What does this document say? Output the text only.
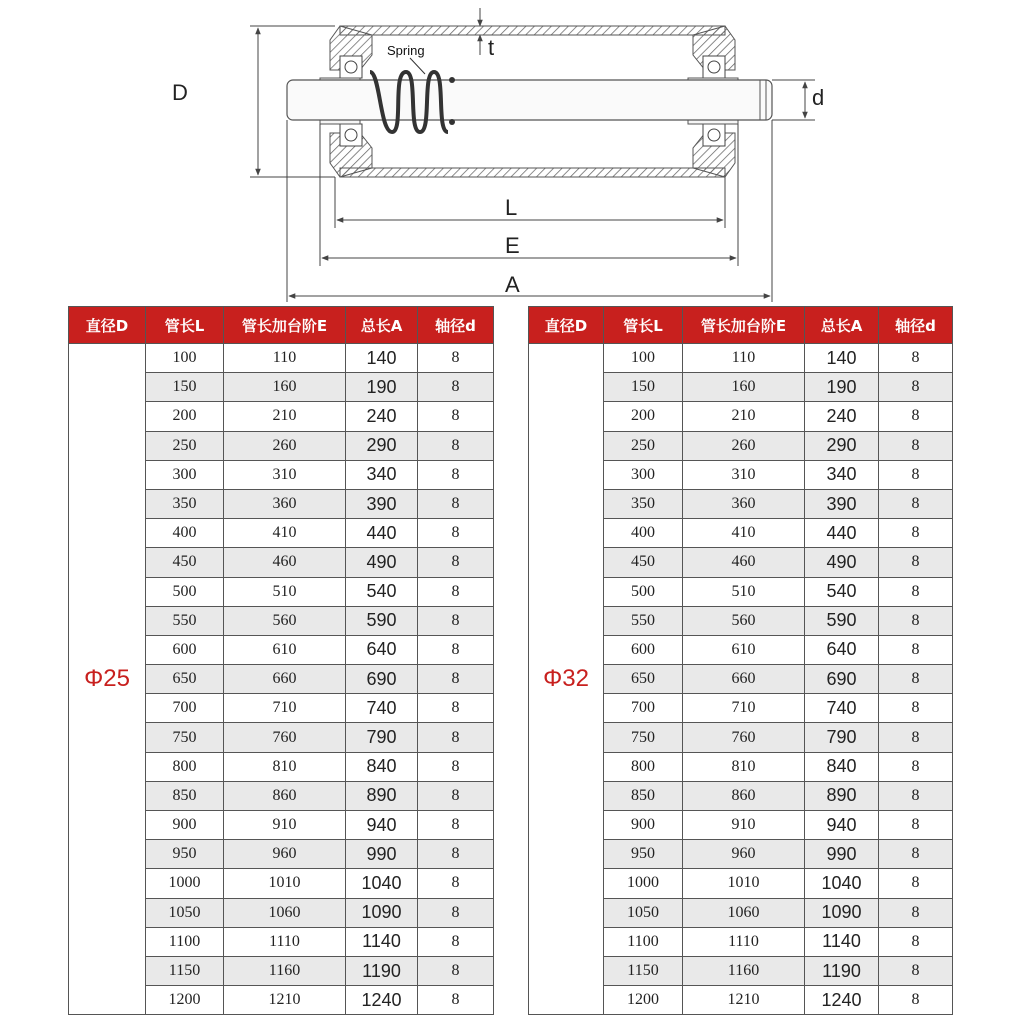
Spring
D
t
d
L
E
A
直径D	管长L	管长加台阶E	总长A	轴径d
Φ25	100	110	140	8
	150	160	190	8
	200	210	240	8
	250	260	290	8
	300	310	340	8
	350	360	390	8
	400	410	440	8
	450	460	490	8
	500	510	540	8
	550	560	590	8
	600	610	640	8
	650	660	690	8
	700	710	740	8
	750	760	790	8
	800	810	840	8
	850	860	890	8
	900	910	940	8
	950	960	990	8
	1000	1010	1040	8
	1050	1060	1090	8
	1100	1110	1140	8
	1150	1160	1190	8
	1200	1210	1240	8
直径D	管长L	管长加台阶E	总长A	轴径d
Φ32	100	110	140	8
	150	160	190	8
	200	210	240	8
	250	260	290	8
	300	310	340	8
	350	360	390	8
	400	410	440	8
	450	460	490	8
	500	510	540	8
	550	560	590	8
	600	610	640	8
	650	660	690	8
	700	710	740	8
	750	760	790	8
	800	810	840	8
	850	860	890	8
	900	910	940	8
	950	960	990	8
	1000	1010	1040	8
	1050	1060	1090	8
	1100	1110	1140	8
	1150	1160	1190	8
	1200	1210	1240	8
